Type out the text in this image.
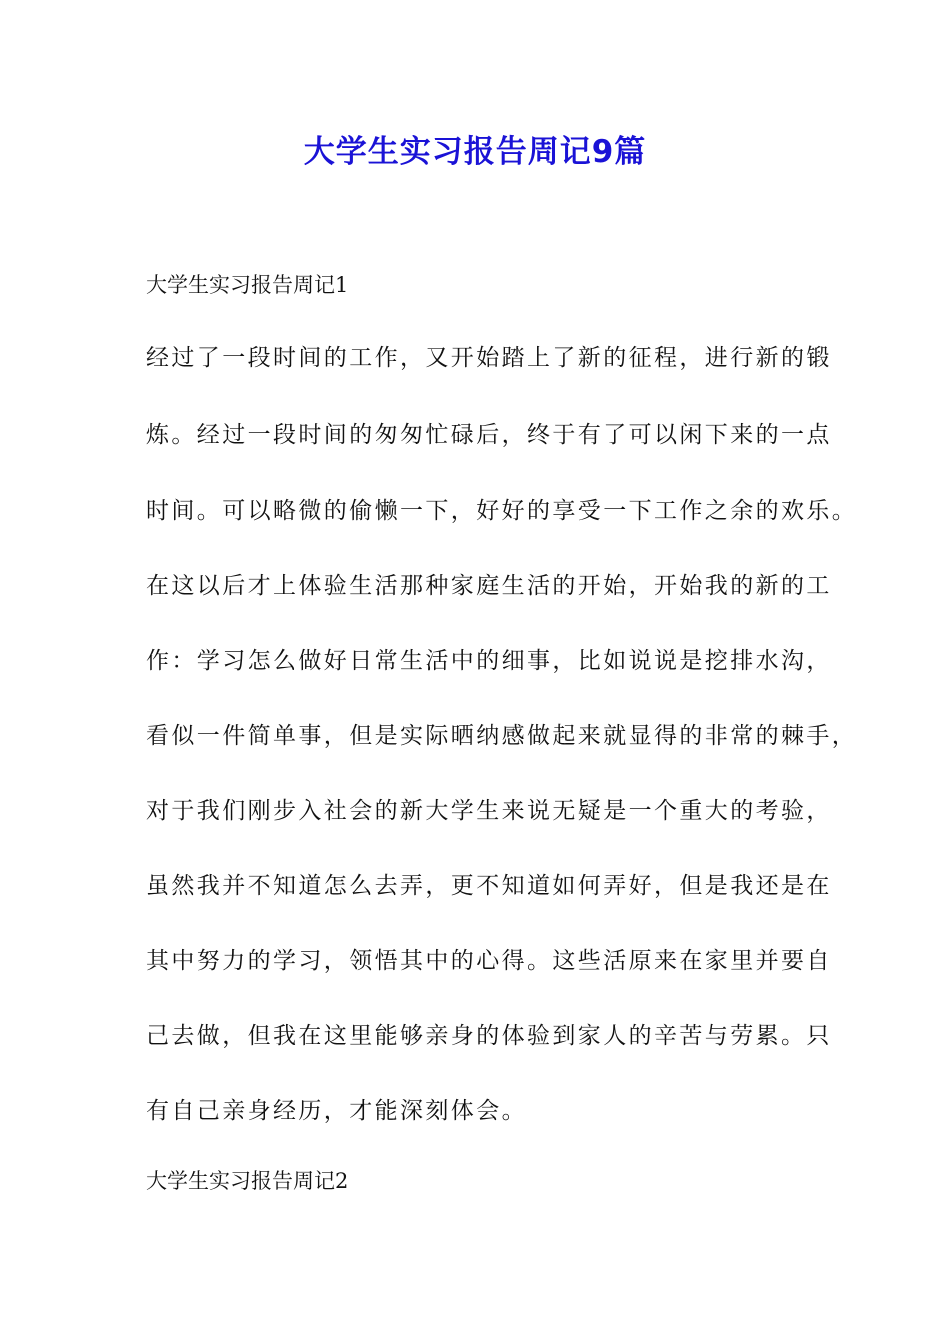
大学生实习报告周记9篇
大学生实习报告周记1
经过了一段时间的工作，又开始踏上了新的征程，进行新的锻
炼。经过一段时间的匆匆忙碌后，终于有了可以闲下来的一点
时间。可以略微的偷懒一下，好好的享受一下工作之余的欢乐。
在这以后才上体验生活那种家庭生活的开始，开始我的新的工
作：学习怎么做好日常生活中的细事，比如说说是挖排水沟，
看似一件简单事，但是实际晒纳感做起来就显得的非常的棘手，
对于我们刚步入社会的新大学生来说无疑是一个重大的考验，
虽然我并不知道怎么去弄，更不知道如何弄好，但是我还是在
其中努力的学习，领悟其中的心得。这些活原来在家里并要自
己去做，但我在这里能够亲身的体验到家人的辛苦与劳累。只
有自己亲身经历，才能深刻体会。
大学生实习报告周记2
